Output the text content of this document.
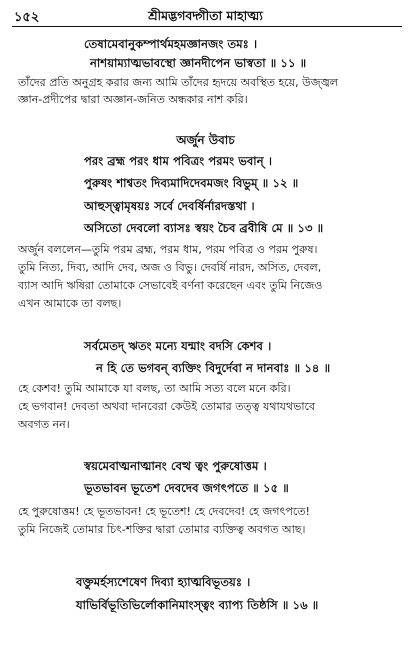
১৫২	শ্রীমদ্ভগবদ্গীতা মাহাত্ম্য
তেষামেবানুকম্পার্থমহমজ্ঞানজং তমঃ ।
নাশয়াম্যাত্মভাবস্থো জ্ঞানদীপেন ভাস্বতা ॥ ১১ ॥
তাঁদের প্রতি অনুগ্রহ করার জন্য আমি তাঁদের হৃদয়ে অবস্থিত হয়ে, উজ্জ্বল
জ্ঞান-প্রদীপের দ্বারা অজ্ঞান-জনিত অন্ধকার নাশ করি।
অর্জুন উবাচ
পরং ব্রহ্ম পরং ধাম পবিত্রং পরমং ভবান্ ।
পুরুষং শাশ্বতং দিব্যমাদিদেবমজং বিভুম্ ॥ ১২ ॥
আহুস্ত্বামৃষয়ঃ সর্বে দেবর্ষির্নারদস্তথা ।
অসিতো দেবলো ব্যাসঃ স্বয়ং চৈব ব্রবীষি মে ॥ ১৩ ॥
অর্জুন বললেন—তুমি পরম ব্রহ্ম, পরম ধাম, পরম পবিত্র ও পরম পুরুষ।
তুমি নিত্য, দিব্য, আদি দেব, অজ ও বিভু। দেবর্ষি নারদ, অসিত, দেবল,
ব্যাস আদি ঋষিরা তোমাকে সেভাবেই বর্ণনা করেছেন এবং তুমি নিজেও
এখন আমাকে তা বলছ।
সর্বমেতদ্ ঋতং মন্যে যন্মাং বদসি কেশব ।
ন হি তে ভগবন্ ব্যক্তিং বিদুর্দেবা ন দানবাঃ ॥ ১৪ ॥
হে কেশব! তুমি আমাকে যা বলছ, তা আমি সত্য বলে মনে করি।
হে ভগবান! দেবতা অথবা দানবেরা কেউই তোমার তত্ত্ব যথাযথভাবে
অবগত নন।
স্বয়মেবাত্মনাত্মানং বেত্থ ত্বং পুরুষোত্তম ।
ভূতভাবন ভূতেশ দেবদেব জগৎপতে ॥ ১৫ ॥
হে পুরুষোত্তম! হে ভূতভাবন! হে ভূতেশ! হে দেবদেব! হে জগৎপতে!
তুমি নিজেই তোমার চিৎ-শক্তির দ্বারা তোমার ব্যক্তিত্ব অবগত আছ।
বক্তুমর্হস্যশেষেণ দিব্যা হ্যাত্মবিভূতয়ঃ ।
যাভির্বিভূতিভির্লোকানিমাংস্ত্বং ব্যাপ্য তিষ্ঠসি ॥ ১৬ ॥
